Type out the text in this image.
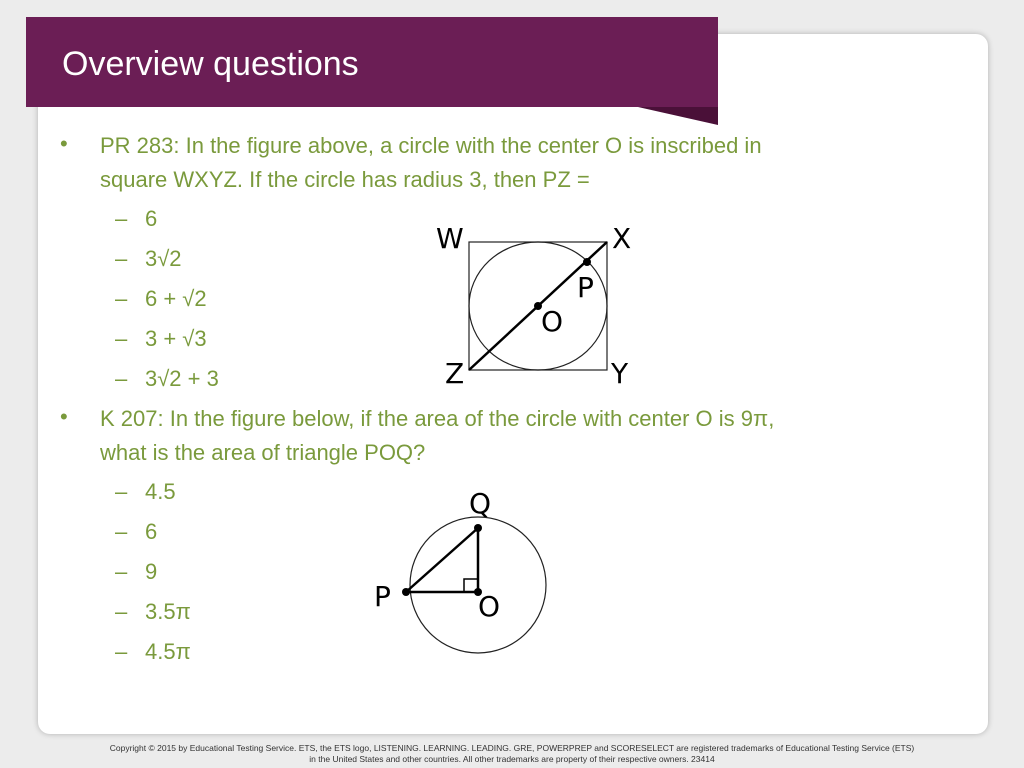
Overview questions
• PR 283: In the figure above, a circle with the center O is inscribed in
square WXYZ. If the circle has radius 3, then PZ =
– 6
– 3√2
– 6 + √2
– 3 + √3
– 3√2 + 3
W	X
P
O
Z	Y
• K 207: In the figure below, if the area of the circle with center O is 9π,
what is the area of triangle POQ?
– 4.5
– 6
– 9
– 3.5π
– 4.5π
Q
P	O
Copyright © 2015 by Educational Testing Service. ETS, the ETS logo, LISTENING. LEARNING. LEADING. GRE, POWERPREP and SCORESELECT are registered trademarks of Educational Testing Service (ETS)
in the United States and other countries. All other trademarks are property of their respective owners. 23414
